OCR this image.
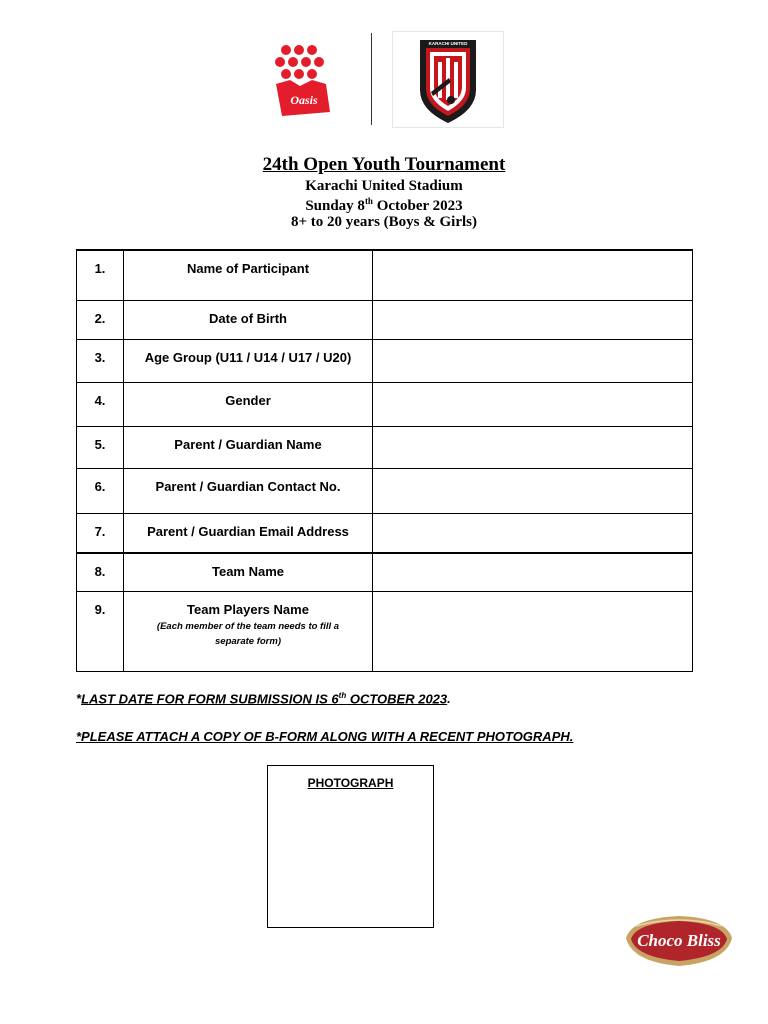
Oasis
KARACHI UNITED
24th Open Youth Tournament
Karachi United Stadium
Sunday 8th October 2023
8+ to 20 years (Boys & Girls)
1.	Name of Participant	
2.	Date of Birth	
3.	Age Group (U11 / U14 / U17 / U20)	
4.	Gender	
5.	Parent / Guardian Name	
6.	Parent / Guardian Contact No.	
7.	Parent / Guardian Email Address	
8.	Team Name	
9.	Team Players Name
(Each member of the team needs to fill a separate form)	

*LAST DATE FOR FORM SUBMISSION IS 6th OCTOBER 2023.
*PLEASE ATTACH A COPY OF B-FORM ALONG WITH A RECENT PHOTOGRAPH.
PHOTOGRAPH
Choco Bliss
